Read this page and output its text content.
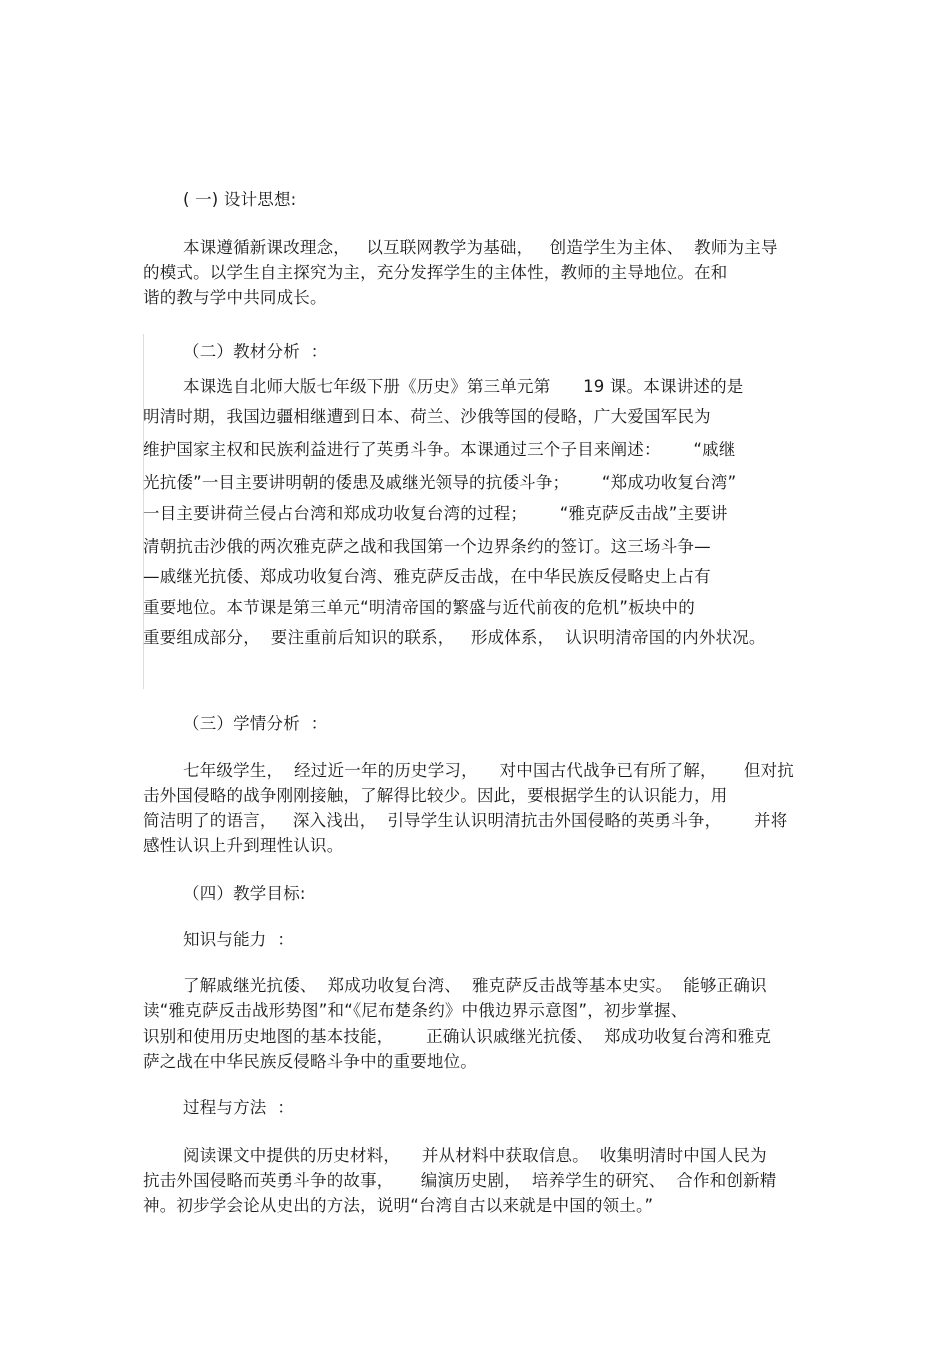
( 一) 设计思想:
本课遵循新课改理念，   以互联网教学为基础，   创造学生为主体、  教师为主导
的模式。以学生自主探究为主，充分发挥学生的主体性，教师的主导地位。在和
谐的教与学中共同成长。
（二）教材分析  ：
本课选自北师大版七年级下册《历史》第三单元第      19 课。本课讲述的是
明清时期，我国边疆相继遭到日本、荷兰、沙俄等国的侵略，广大爱国军民为
维护国家主权和民族利益进行了英勇斗争。本课通过三个子目来阐述：      “戚继
光抗倭”一目主要讲明朝的倭患及戚继光领导的抗倭斗争；      “郑成功收复台湾”
一目主要讲荷兰侵占台湾和郑成功收复台湾的过程；      “雅克萨反击战”主要讲
清朝抗击沙俄的两次雅克萨之战和我国第一个边界条约的签订。这三场斗争—
—戚继光抗倭、郑成功收复台湾、雅克萨反击战，在中华民族反侵略史上占有
重要地位。本节课是第三单元“明清帝国的繁盛与近代前夜的危机”板块中的
重要组成部分，  要注重前后知识的联系，   形成体系，  认识明清帝国的内外状况。
（三）学情分析  ：
七年级学生，  经过近一年的历史学习，    对中国古代战争已有所了解，     但对抗
击外国侵略的战争刚刚接触，了解得比较少。因此，要根据学生的认识能力，用
简洁明了的语言，   深入浅出，  引导学生认识明清抗击外国侵略的英勇斗争，      并将
感性认识上升到理性认识。
（四）教学目标:
知识与能力  ：
了解戚继光抗倭、  郑成功收复台湾、  雅克萨反击战等基本史实。  能够正确识
读“雅克萨反击战形势图”和“《尼布楚条约》中俄边界示意图”，初步掌握、
识别和使用历史地图的基本技能，      正确认识戚继光抗倭、  郑成功收复台湾和雅克
萨之战在中华民族反侵略斗争中的重要地位。
过程与方法  ：
阅读课文中提供的历史材料，    并从材料中获取信息。  收集明清时中国人民为
抗击外国侵略而英勇斗争的故事，     编演历史剧，  培养学生的研究、  合作和创新精
神。初步学会论从史出的方法，说明“台湾自古以来就是中国的领土。”
